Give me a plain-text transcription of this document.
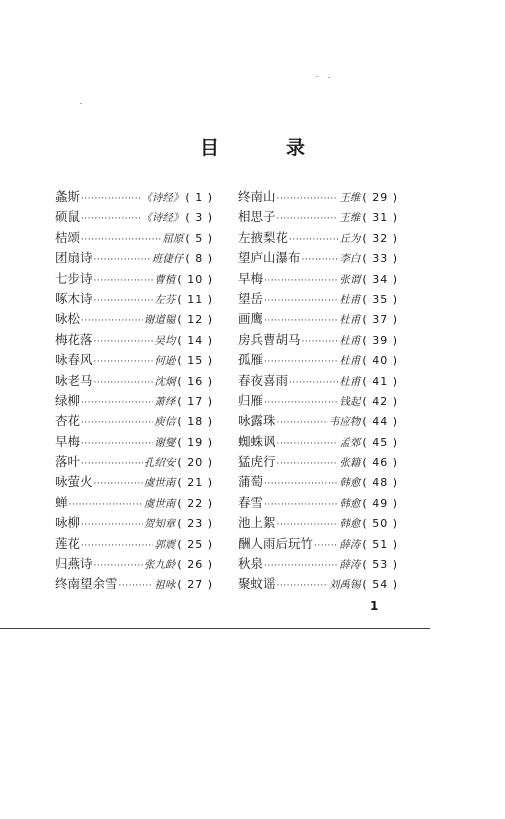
目　录
螽斯 ·····	《诗经》 ( 1 )
硕鼠 ·····	《诗经》 ( 3 )
桔颂 ·····	屈原 ( 5 )
团扇诗 ·····	班倢仔 ( 8 )
七步诗 ·····	曹植 ( 10 )
啄木诗 ·····	左芬 ( 11 )
咏松 ·····	谢道韫 ( 12 )
梅花落 ·····	吴均 ( 14 )
咏春风 ·····	何逊 ( 15 )
咏老马 ·····	沈炯 ( 16 )
绿柳 ·····	萧绎 ( 17 )
杏花 ·····	庾信 ( 18 )
早梅 ·····	谢燮 ( 19 )
落叶 ·····	孔绍安 ( 20 )
咏萤火 ·····	虞世南 ( 21 )
蝉 ·····	虞世南 ( 22 )
咏柳 ·····	贺知章 ( 23 )
莲花 ·····	郭震 ( 25 )
归燕诗 ·····	张九龄 ( 26 )
终南望余雪 ·····	祖咏 ( 27 )
终南山 ·····	王维 ( 29 )
相思子 ·····	王维 ( 31 )
左掖梨花 ·····	丘为 ( 32 )
望庐山瀑布 ·····	李白 ( 33 )
早梅 ·····	张谓 ( 34 )
望岳 ·····	杜甫 ( 35 )
画鹰 ·····	杜甫 ( 37 )
房兵曹胡马 ·····	杜甫 ( 39 )
孤雁 ·····	杜甫 ( 40 )
春夜喜雨 ·····	杜甫 ( 41 )
归雁 ·····	钱起 ( 42 )
咏露珠 ·····	韦应物 ( 44 )
蜘蛛讽 ·····	孟郊 ( 45 )
猛虎行 ·····	张籍 ( 46 )
蒲萄 ·····	韩愈 ( 48 )
春雪 ·····	韩愈 ( 49 )
池上絮 ·····	韩愈 ( 50 )
酬人雨后玩竹 ·····	薛涛 ( 51 )
秋泉 ·····	薛涛 ( 53 )
聚蚊谣 ·····	刘禹锡 ( 54 )
1
